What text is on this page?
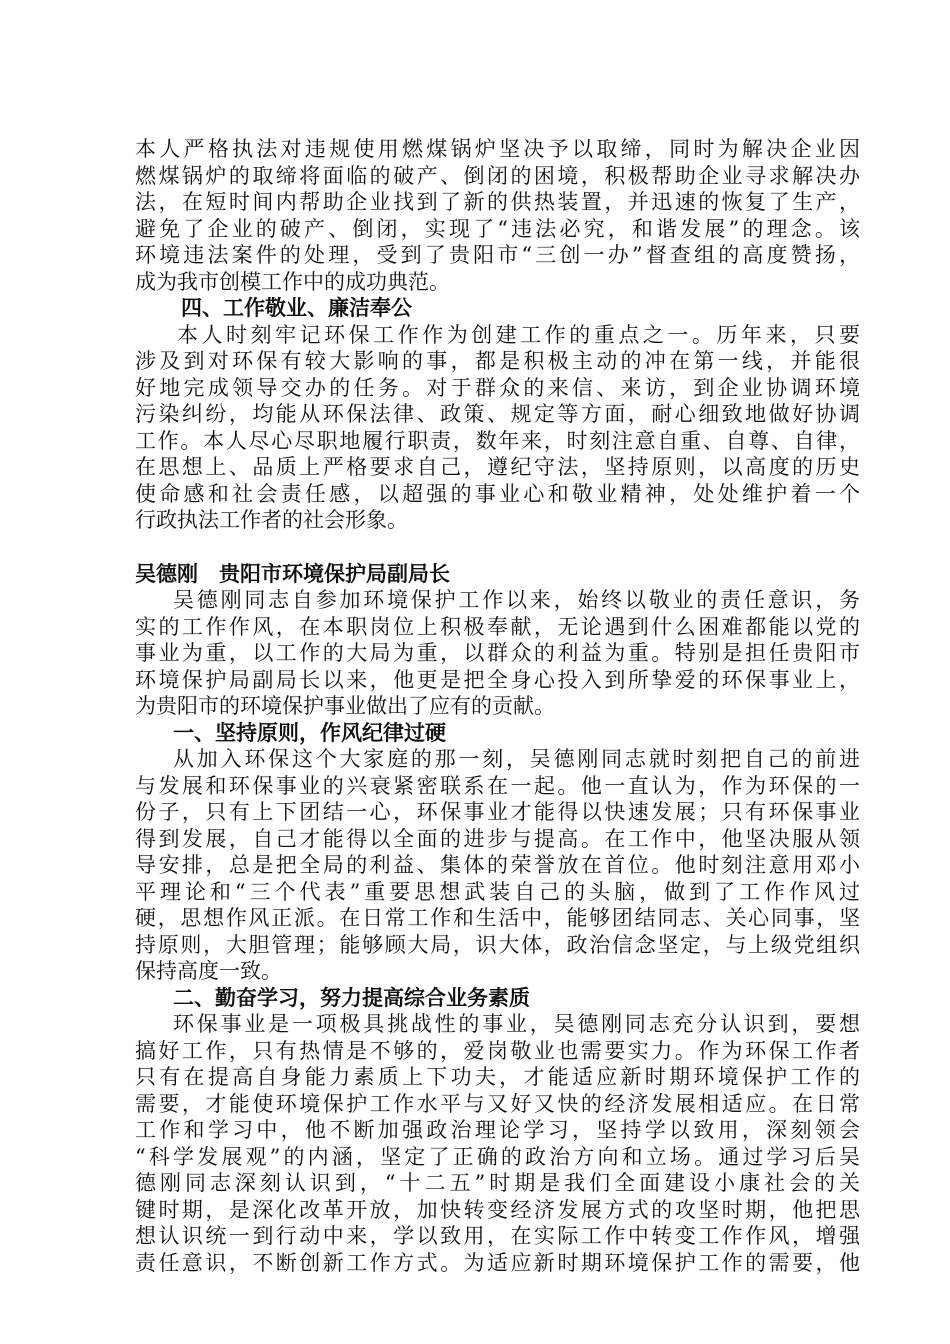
本人严格执法对违规使用燃煤锅炉坚决予以取缔，同时为解决企业因
燃煤锅炉的取缔将面临的破产、倒闭的困境，积极帮助企业寻求解决办
法，在短时间内帮助企业找到了新的供热装置，并迅速的恢复了生产，
避免了企业的破产、倒闭，实现了“违法必究，和谐发展”的理念。该
环境违法案件的处理，受到了贵阳市“三创一办”督查组的高度赞扬，
成为我市创模工作中的成功典范。
四、工作敬业、廉洁奉公
本人时刻牢记环保工作作为创建工作的重点之一。历年来，只要
涉及到对环保有较大影响的事，都是积极主动的冲在第一线，并能很
好地完成领导交办的任务。对于群众的来信、来访，到企业协调环境
污染纠纷，均能从环保法律、政策、规定等方面，耐心细致地做好协调
工作。本人尽心尽职地履行职责，数年来，时刻注意自重、自尊、自律，
在思想上、品质上严格要求自己，遵纪守法，坚持原则，以高度的历史
使命感和社会责任感，以超强的事业心和敬业精神，处处维护着一个
行政执法工作者的社会形象。
吴德刚　贵阳市环境保护局副局长
吴德刚同志自参加环境保护工作以来，始终以敬业的责任意识，务
实的工作作风，在本职岗位上积极奉献，无论遇到什么困难都能以党的
事业为重，以工作的大局为重，以群众的利益为重。特别是担任贵阳市
环境保护局副局长以来，他更是把全身心投入到所挚爱的环保事业上，
为贵阳市的环境保护事业做出了应有的贡献。
一、坚持原则，作风纪律过硬
从加入环保这个大家庭的那一刻，吴德刚同志就时刻把自己的前进
与发展和环保事业的兴衰紧密联系在一起。他一直认为，作为环保的一
份子，只有上下团结一心，环保事业才能得以快速发展；只有环保事业
得到发展，自己才能得以全面的进步与提高。在工作中，他坚决服从领
导安排，总是把全局的利益、集体的荣誉放在首位。他时刻注意用邓小
平理论和“三个代表”重要思想武装自己的头脑，做到了工作作风过
硬，思想作风正派。在日常工作和生活中，能够团结同志、关心同事，坚
持原则，大胆管理；能够顾大局，识大体，政治信念坚定，与上级党组织
保持高度一致。
二、勤奋学习，努力提高综合业务素质
环保事业是一项极具挑战性的事业，吴德刚同志充分认识到，要想
搞好工作，只有热情是不够的，爱岗敬业也需要实力。作为环保工作者
只有在提高自身能力素质上下功夫，才能适应新时期环境保护工作的
需要，才能使环境保护工作水平与又好又快的经济发展相适应。在日常
工作和学习中，他不断加强政治理论学习，坚持学以致用，深刻领会
“科学发展观”的内涵，坚定了正确的政治方向和立场。通过学习后吴
德刚同志深刻认识到，“十二五”时期是我们全面建设小康社会的关
键时期，是深化改革开放，加快转变经济发展方式的攻坚时期，他把思
想认识统一到行动中来，学以致用，在实际工作中转变工作作风，增强
责任意识，不断创新工作方式。为适应新时期环境保护工作的需要，他
